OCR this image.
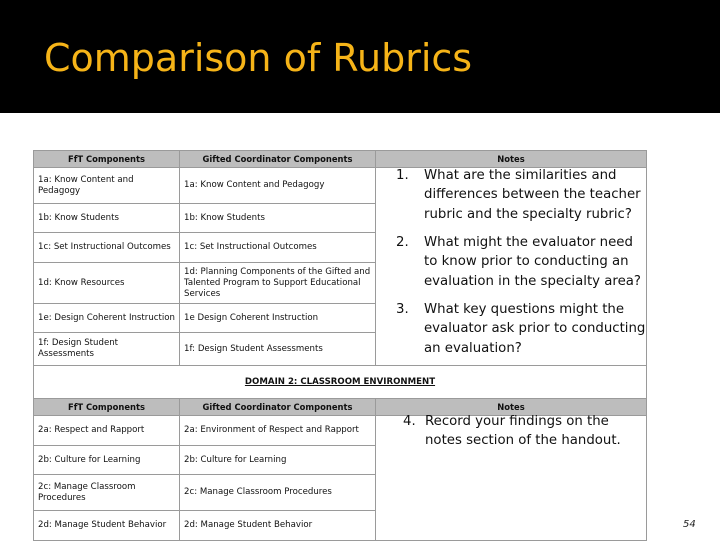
Comparison of Rubrics
FfT Components	Gifted Coordinator Components	Notes
1a: Know Content and Pedagogy	1a: Know Content and Pedagogy	
1b: Know Students	1b: Know Students	
1c: Set Instructional Outcomes	1c: Set Instructional Outcomes	
1d: Know Resources	1d: Planning Components of the Gifted and Talented Program to Support Educational Services	
1e: Design Coherent Instruction	1e Design Coherent Instruction	
1f: Design Student Assessments	1f: Design Student Assessments	
DOMAIN 2: CLASSROOM ENVIRONMENT		
FfT Components	Gifted Coordinator Components	Notes
2a: Respect and Rapport	2a: Environment of Respect and Rapport	
2b: Culture for Learning	2b: Culture for Learning	
2c: Manage Classroom Procedures	2c: Manage Classroom Procedures	
2d: Manage Student Behavior	2d: Manage Student Behavior	
1. What are the similarities and differences between the teacher rubric and the specialty rubric?
2. What might the evaluator need to know prior to conducting an evaluation in the specialty area?
3. What key questions might the evaluator ask prior to conducting an evaluation?
4. Record your findings on the notes section of the handout.
54
